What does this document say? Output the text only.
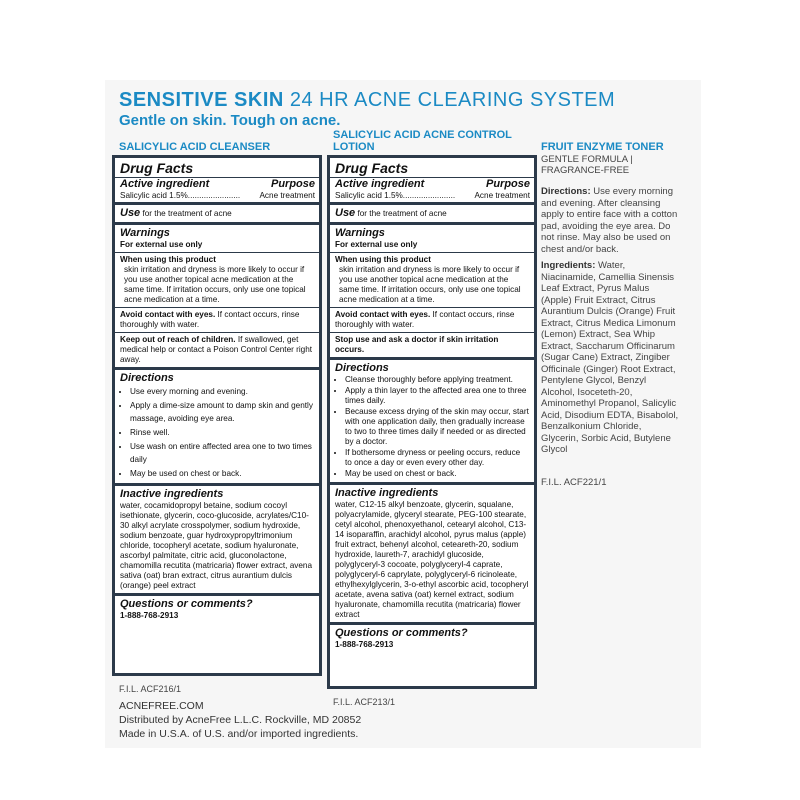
SENSITIVE SKIN 24 HR ACNE CLEARING SYSTEM
Gentle on skin. Tough on acne.
SALICYLIC ACID CLEANSER
Drug Facts
Active ingredient	Purpose
Salicylic acid 1.5%....................... Acne treatment
Use for the treatment of acne
Warnings
For external use only
When using this product
skin irritation and dryness is more likely to occur if you use another topical acne medication at the same time. If irritation occurs, only use one topical acne medication at a time.
Avoid contact with eyes. If contact occurs, rinse thoroughly with water.
Keep out of reach of children. If swallowed, get medical help or contact a Poison Control Center right away.
Directions
• Use every morning and evening.
• Apply a dime-size amount to damp skin and gently massage, avoiding eye area.
• Rinse well.
• Use wash on entire affected area one to two times daily
• May be used on chest or back.
Inactive ingredients
water, cocamidopropyl betaine, sodium cocoyl isethionate, glycerin, coco-glucoside, acrylates/C10-30 alkyl acrylate crosspolymer, sodium hydroxide, sodium benzoate, guar hydroxypropyltrimonium chloride, tocopheryl acetate, sodium hyaluronate, ascorbyl palmitate, citric acid, gluconolactone, chamomilla recutita (matricaria) flower extract, avena sativa (oat) bran extract, citrus aurantium dulcis (orange) peel extract
Questions or comments?
1-888-768-2913
F.I.L. ACF216/1
SALICYLIC ACID ACNE CONTROL LOTION
Drug Facts
Active ingredient	Purpose
Salicylic acid 1.5%....................... Acne treatment
Use for the treatment of acne
Warnings
For external use only
When using this product
skin irritation and dryness is more likely to occur if you use another topical acne medication at the same time. If irritation occurs, only use one topical acne medication at a time.
Avoid contact with eyes. If contact occurs, rinse thoroughly with water.
Stop use and ask a doctor if skin irritation occurs.
Directions
• Cleanse thoroughly before applying treatment.
• Apply a thin layer to the affected area one to three times daily.
• Because excess drying of the skin may occur, start with one application daily, then gradually increase to two to three times daily if needed or as directed by a doctor.
• If bothersome dryness or peeling occurs, reduce to once a day or even every other day.
• May be used on chest or back.
Inactive ingredients
water, C12-15 alkyl benzoate, glycerin, squalane, polyacrylamide, glyceryl stearate, PEG-100 stearate, cetyl alcohol, phenoxyethanol, cetearyl alcohol, C13-14 isoparaffin, arachidyl alcohol, pyrus malus (apple) fruit extract, behenyl alcohol, ceteareth-20, sodium hydroxide, laureth-7, arachidyl glucoside, polyglyceryl-3 cocoate, polyglyceryl-4 caprate, polyglyceryl-6 caprylate, polyglyceryl-6 ricinoleate, ethylhexylglycerin, 3-o-ethyl ascorbic acid, tocopheryl acetate, avena sativa (oat) kernel extract, sodium hyaluronate, chamomilla recutita (matricaria) flower extract
Questions or comments?
1-888-768-2913
F.I.L. ACF213/1
FRUIT ENZYME TONER
GENTLE FORMULA | FRAGRANCE-FREE
Directions: Use every morning and evening. After cleansing apply to entire face with a cotton pad, avoiding the eye area. Do not rinse. May also be used on chest and/or back.
Ingredients: Water, Niacinamide, Camellia Sinensis Leaf Extract, Pyrus Malus (Apple) Fruit Extract, Citrus Aurantium Dulcis (Orange) Fruit Extract, Citrus Medica Limonum (Lemon) Extract, Sea Whip Extract, Saccharum Officinarum (Sugar Cane) Extract, Zingiber Officinale (Ginger) Root Extract, Pentylene Glycol, Benzyl Alcohol, Isoceteth-20, Aminomethyl Propanol, Salicylic Acid, Disodium EDTA, Bisabolol, Benzalkonium Chloride, Glycerin, Sorbic Acid, Butylene Glycol
F.I.L. ACF221/1
ACNEFREE.COM
Distributed by AcneFree L.L.C. Rockville, MD 20852
Made in U.S.A. of U.S. and/or imported ingredients.
